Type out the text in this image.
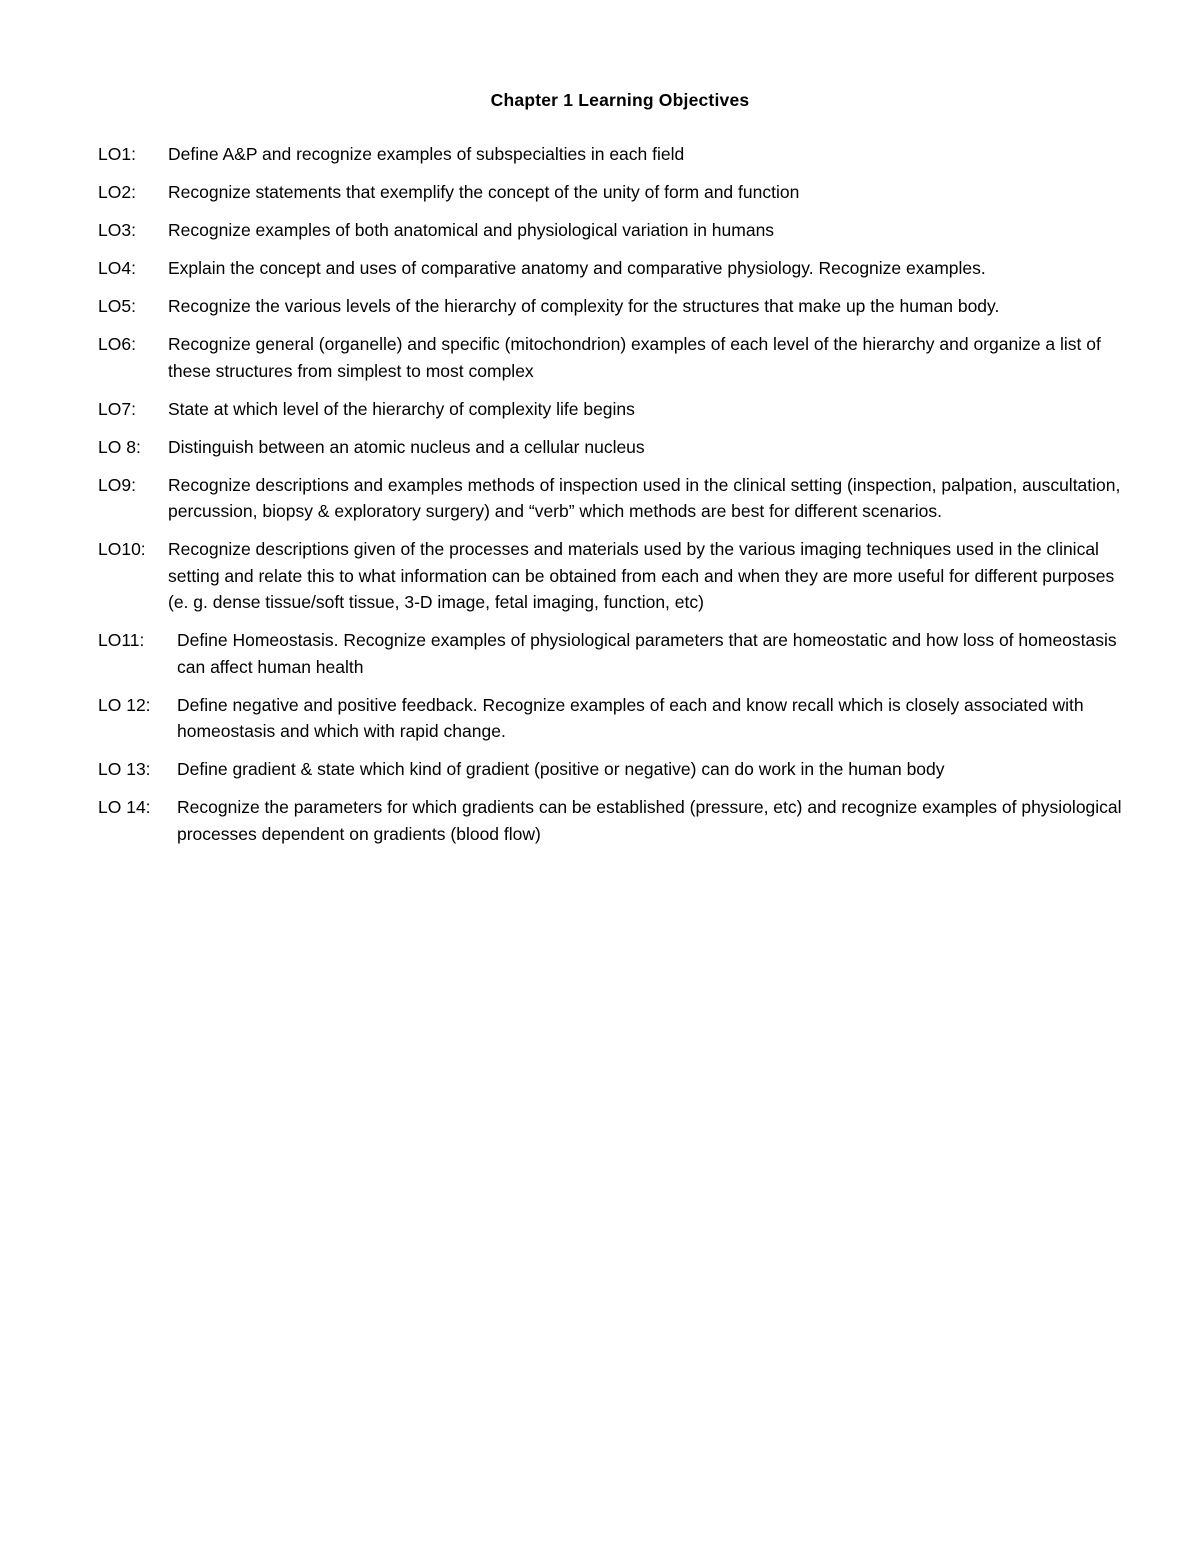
Chapter 1 Learning Objectives
LO1:	Define A&P and recognize examples of subspecialties in each field
LO2:	Recognize statements that exemplify the concept of the unity of form and function
LO3:	Recognize examples of both anatomical and physiological variation in humans
LO4:	Explain the concept and uses of comparative anatomy and comparative physiology. Recognize examples.
LO5:	Recognize the various levels of the hierarchy of complexity for the structures that make up the human body.
LO6:	Recognize general (organelle) and specific (mitochondrion) examples of each level of the hierarchy and organize a list of these structures from simplest to most complex
LO7:	State at which level of the hierarchy of complexity life begins
LO 8:	Distinguish between an atomic nucleus and a cellular nucleus
LO9:	Recognize descriptions and examples methods of inspection used in the clinical setting (inspection, palpation, auscultation, percussion, biopsy & exploratory surgery) and “verb” which methods are best for different scenarios.
LO10:	Recognize descriptions given of the processes and materials used by the various imaging techniques used in the clinical setting and relate this to what information can be obtained from each and when they are more useful for different purposes (e. g. dense tissue/soft tissue, 3-D image, fetal imaging, function, etc)
LO11:	Define Homeostasis. Recognize examples of physiological parameters that are homeostatic and how loss of homeostasis can affect human health
LO 12:	Define negative and positive feedback. Recognize examples of each and know recall which is closely associated with homeostasis and which with rapid change.
LO 13:	Define gradient & state which kind of gradient (positive or negative) can do work in the human body
LO 14:	Recognize the parameters for which gradients can be established (pressure, etc) and recognize examples of physiological processes dependent on gradients (blood flow)
